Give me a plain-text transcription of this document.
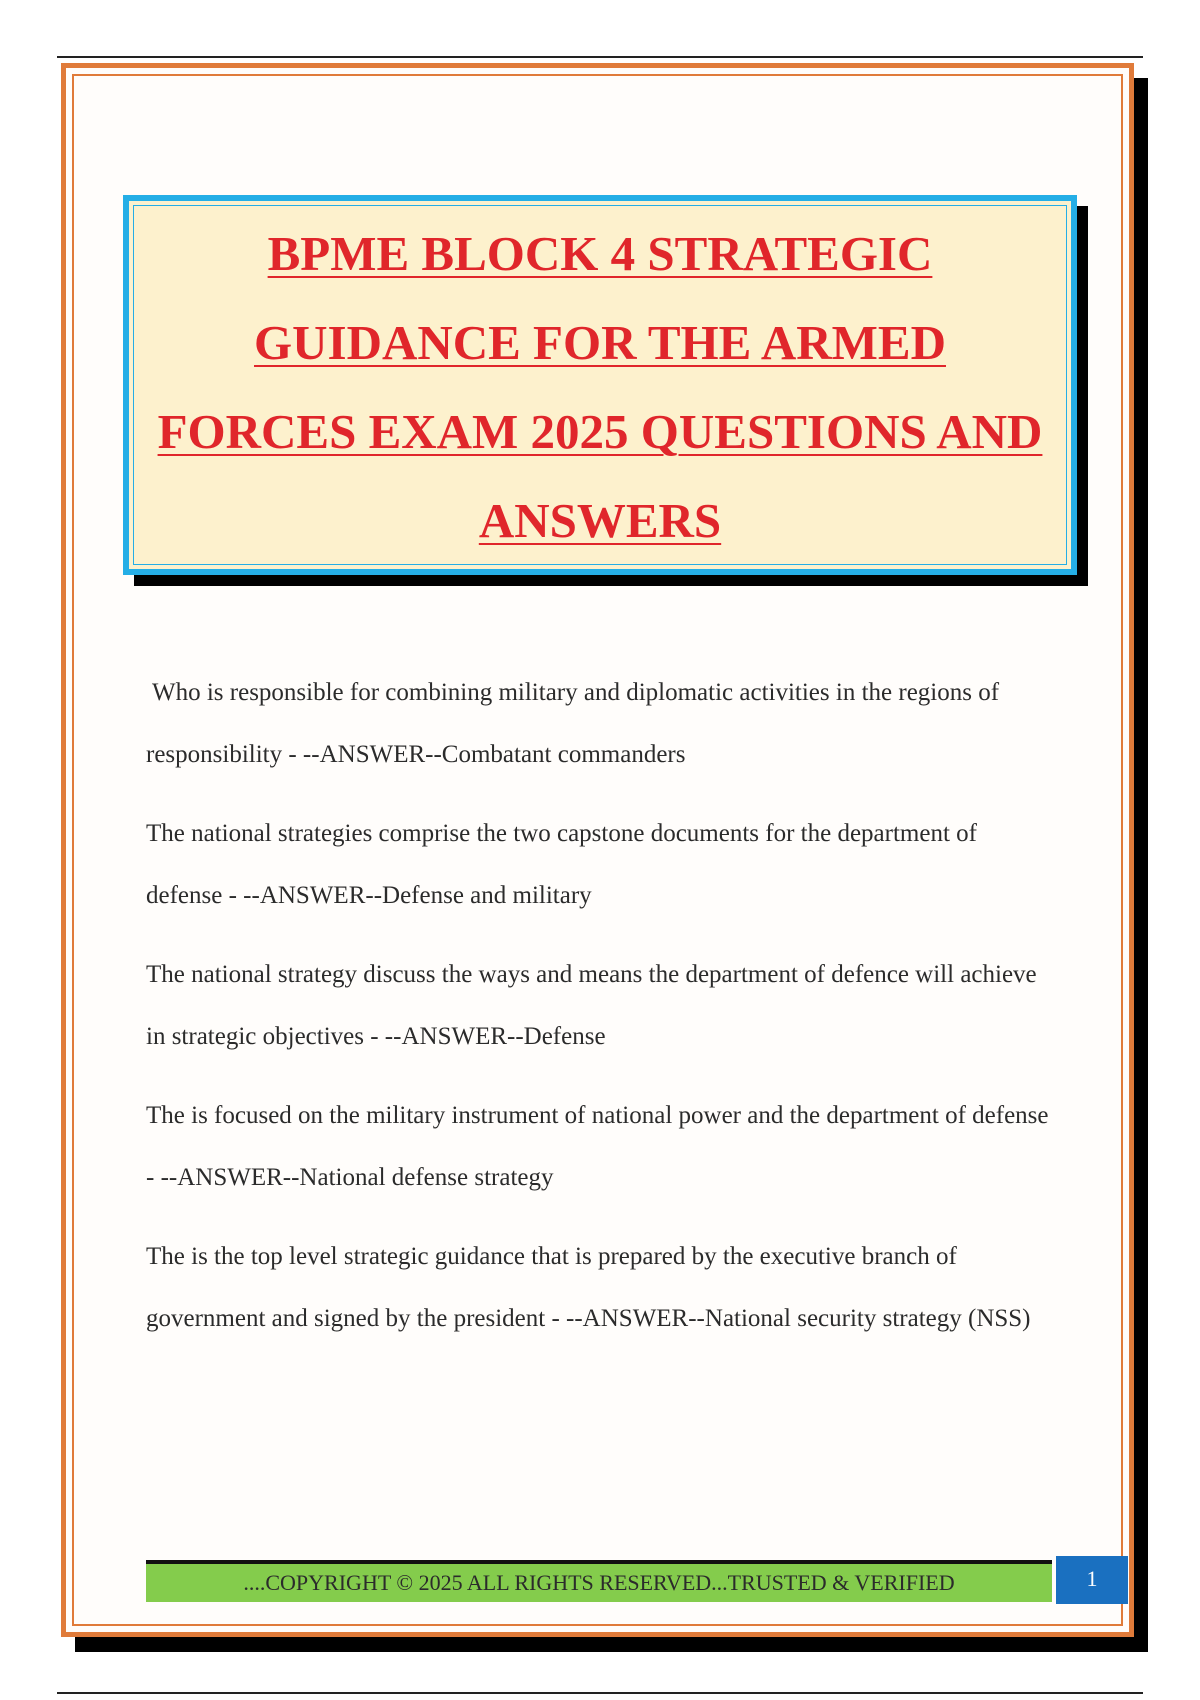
BPME BLOCK 4 STRATEGIC GUIDANCE FOR THE ARMED FORCES EXAM 2025 QUESTIONS AND ANSWERS

Who is responsible for combining military and diplomatic activities in the regions of responsibility - --ANSWER--Combatant commanders

The national strategies comprise the two capstone documents for the department of defense - --ANSWER--Defense and military

The national strategy discuss the ways and means the department of defence will achieve in strategic objectives - --ANSWER--Defense

The is focused on the military instrument of national power and the department of defense - --ANSWER--National defense strategy

The is the top level strategic guidance that is prepared by the executive branch of government and signed by the president - --ANSWER--National security strategy (NSS)

....COPYRIGHT © 2025 ALL RIGHTS RESERVED...TRUSTED & VERIFIED	1
